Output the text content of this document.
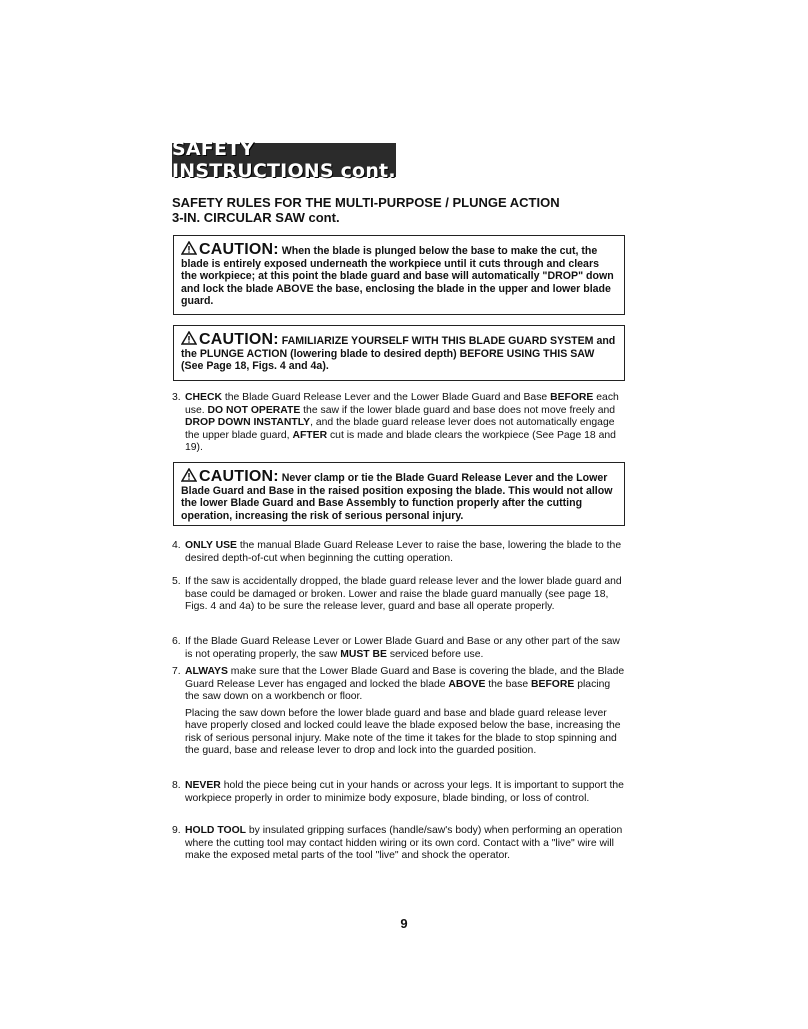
SAFETY INSTRUCTIONS cont.
SAFETY RULES FOR THE MULTI-PURPOSE / PLUNGE ACTION
3-IN. CIRCULAR SAW cont.
CAUTION: When the blade is plunged below the base to make the cut, the blade is entirely exposed underneath the workpiece until it cuts through and clears the workpiece; at this point the blade guard and base will automatically "DROP" down and lock the blade ABOVE the base, enclosing the blade in the upper and lower blade guard.
CAUTION: FAMILIARIZE YOURSELF WITH THIS BLADE GUARD SYSTEM and the PLUNGE ACTION (lowering blade to desired depth) BEFORE USING THIS SAW (See Page 18, Figs. 4 and 4a).
3. CHECK the Blade Guard Release Lever and the Lower Blade Guard and Base BEFORE each use. DO NOT OPERATE the saw if the lower blade guard and base does not move freely and DROP DOWN INSTANTLY, and the blade guard release lever does not automatically engage the upper blade guard, AFTER cut is made and blade clears the workpiece (See Page 18 and 19).
CAUTION: Never clamp or tie the Blade Guard Release Lever and the Lower Blade Guard and Base in the raised position exposing the blade. This would not allow the lower Blade Guard and Base Assembly to function properly after the cutting operation, increasing the risk of serious personal injury.
4. ONLY USE the manual Blade Guard Release Lever to raise the base, lowering the blade to the desired depth-of-cut when beginning the cutting operation.
5. If the saw is accidentally dropped, the blade guard release lever and the lower blade guard and base could be damaged or broken. Lower and raise the blade guard manually (see page 18, Figs. 4 and 4a) to be sure the release lever, guard and base all operate properly.
6. If the Blade Guard Release Lever or Lower Blade Guard and Base or any other part of the saw is not operating properly, the saw MUST BE serviced before use.
7. ALWAYS make sure that the Lower Blade Guard and Base is covering the blade, and the Blade Guard Release Lever has engaged and locked the blade ABOVE the base BEFORE placing the saw down on a workbench or floor.

Placing the saw down before the lower blade guard and base and blade guard release lever have properly closed and locked could leave the blade exposed below the base, increasing the risk of serious personal injury. Make note of the time it takes for the blade to stop spinning and the guard, base and release lever to drop and lock into the guarded position.

8. NEVER hold the piece being cut in your hands or across your legs. It is important to support the workpiece properly in order to minimize body exposure, blade binding, or loss of control.
9. HOLD TOOL by insulated gripping surfaces (handle/saw's body) when performing an operation where the cutting tool may contact hidden wiring or its own cord. Contact with a "live" wire will make the exposed metal parts of the tool "live" and shock the operator.
9
